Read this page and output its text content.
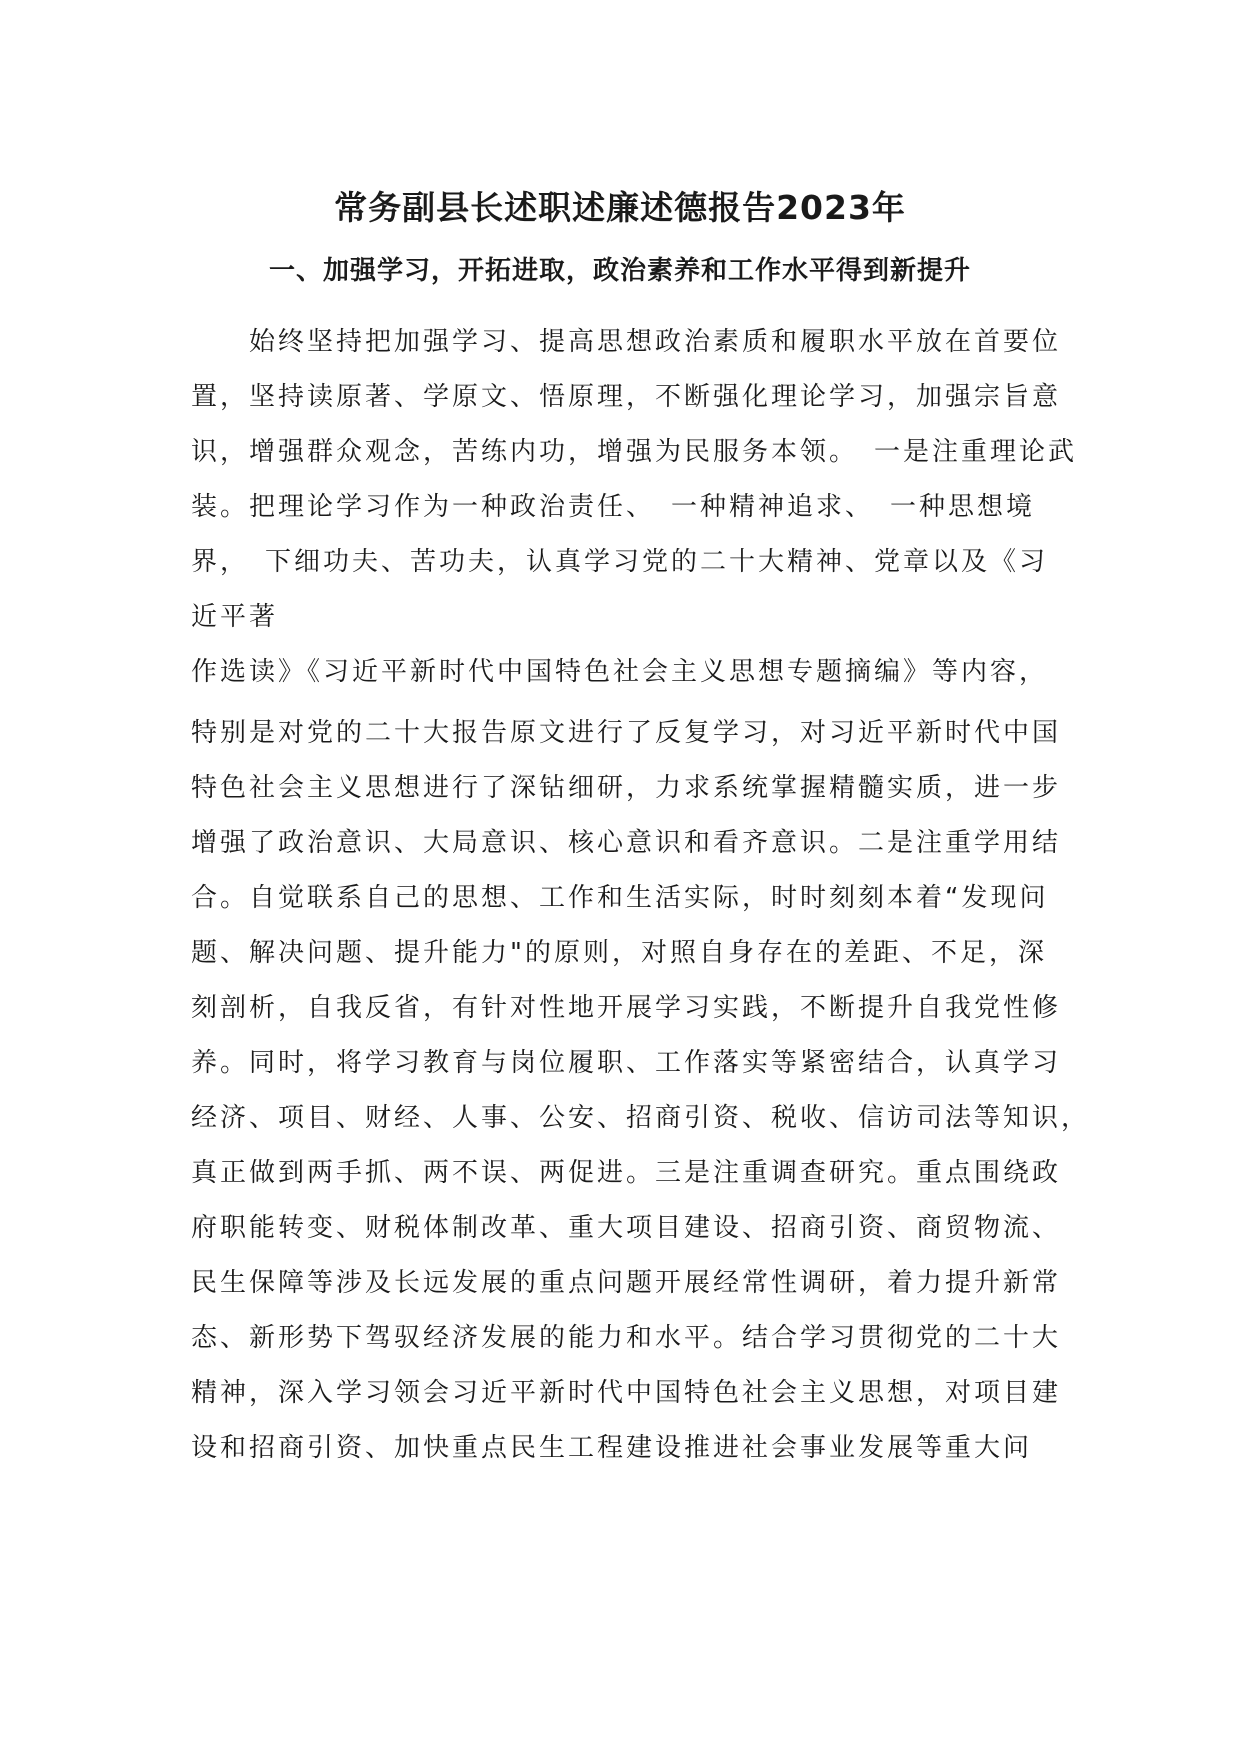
常务副县长述职述廉述德报告2023年
一、加强学习，开拓进取，政治素养和工作水平得到新提升
始终坚持把加强学习、提高思想政治素质和履职水平放在首要位
置，坚持读原著、学原文、悟原理，不断强化理论学习，加强宗旨意
识，增强群众观念，苦练内功，增强为民服务本领。　一是注重理论武
装。把理论学习作为一种政治责任、　一种精神追求、　一种思想境
界，　下细功夫、苦功夫，认真学习党的二十大精神、党章以及《习
近平著
作选读》《习近平新时代中国特色社会主义思想专题摘编》等内容，
特别是对党的二十大报告原文进行了反复学习，对习近平新时代中国
特色社会主义思想进行了深钻细研，力求系统掌握精髓实质，进一步
增强了政治意识、大局意识、核心意识和看齐意识。二是注重学用结
合。自觉联系自己的思想、工作和生活实际，时时刻刻本着“发现问
题、解决问题、提升能力"的原则，对照自身存在的差距、不足，深
刻剖析，自我反省，有针对性地开展学习实践，不断提升自我党性修
养。同时，将学习教育与岗位履职、工作落实等紧密结合，认真学习
经济、项目、财经、人事、公安、招商引资、税收、信访司法等知识，
真正做到两手抓、两不误、两促进。三是注重调查研究。重点围绕政
府职能转变、财税体制改革、重大项目建设、招商引资、商贸物流、
民生保障等涉及长远发展的重点问题开展经常性调研，着力提升新常
态、新形势下驾驭经济发展的能力和水平。结合学习贯彻党的二十大
精神，深入学习领会习近平新时代中国特色社会主义思想，对项目建
设和招商引资、加快重点民生工程建设推进社会事业发展等重大问
